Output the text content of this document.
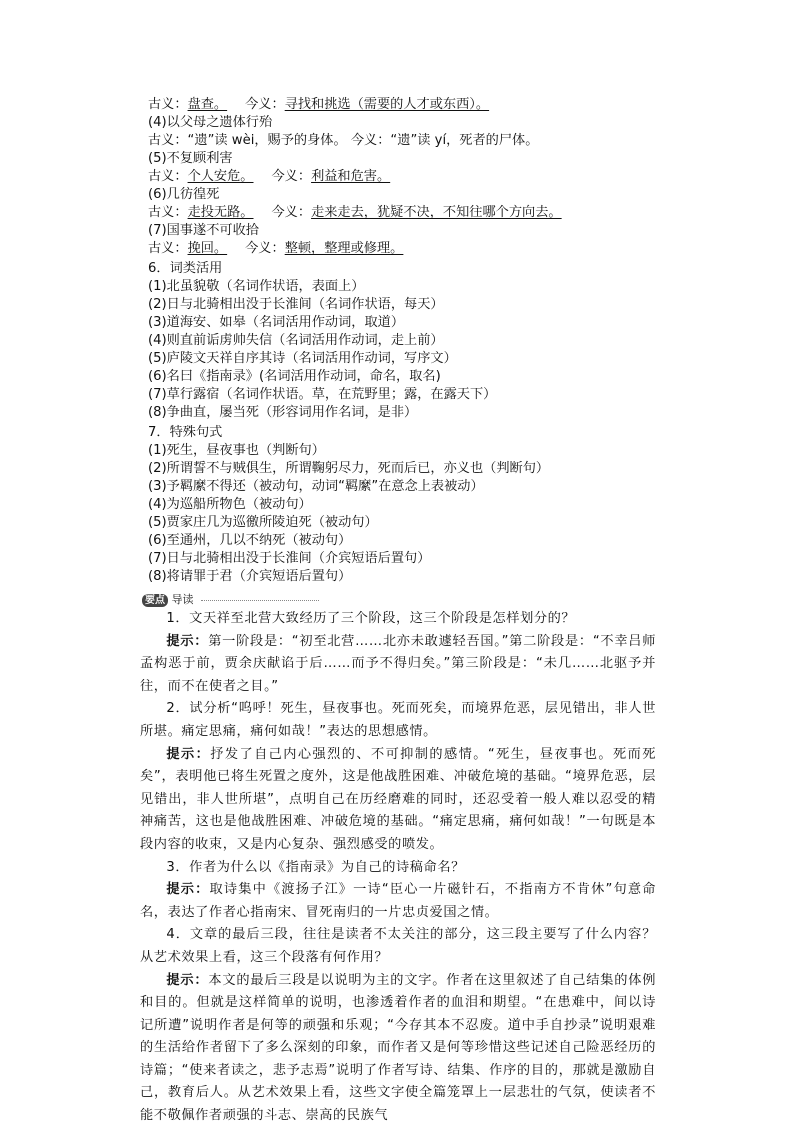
古义：盘查。 今义：寻找和挑选（需要的人才或东西）。
(4)以父母之遗体行殆
古义：“遗”读 wèi，赐予的身体。 今义：“遗”读 yí，死者的尸体。
(5)不复顾利害
古义：个人安危。 今义：利益和危害。
(6)几彷徨死
古义：走投无路。 今义：走来走去，犹疑不决，不知往哪个方向去。
(7)国事遂不可收拾
古义：挽回。 今义：整顿，整理或修理。
6．词类活用
(1)北虽貌敬（名词作状语，表面上）
(2)日与北骑相出没于长淮间（名词作状语，每天）
(3)道海安、如皋（名词活用作动词，取道）
(4)则直前诟虏帅失信（名词活用作动词，走上前）
(5)庐陵文天祥自序其诗（名词活用作动词，写序文）
(6)名曰《指南录》(名词活用作动词，命名，取名)
(7)草行露宿（名词作状语。草，在荒野里；露，在露天下）
(8)争曲直，屡当死（形容词用作名词，是非）
7．特殊句式
(1)死生，昼夜事也（判断句）
(2)所谓誓不与贼俱生，所谓鞠躬尽力，死而后已，亦义也（判断句）
(3)予羁縻不得还（被动句，动词“羁縻”在意念上表被动）
(4)为巡船所物色（被动句）
(5)贾家庄几为巡徼所陵迫死（被动句）
(6)至通州，几以不纳死（被动句）
(7)日与北骑相出没于长淮间（介宾短语后置句）
(8)将请罪于君（介宾短语后置句）
要点 导读
1．文天祥至北营大致经历了三个阶段，这三个阶段是怎样划分的？
提示：第一阶段是：“初至北营……北亦未敢遽轻吾国。”第二阶段是：“不幸吕师孟构恶于前，贾余庆献谄于后……而予不得归矣。”第三阶段是：“未几……北驱予并往，而不在使者之目。”
2．试分析“呜呼！死生，昼夜事也。死而死矣，而境界危恶，层见错出，非人世所堪。痛定思痛，痛何如哉！”表达的思想感情。
提示：抒发了自己内心强烈的、不可抑制的感情。“死生，昼夜事也。死而死矣”，表明他已将生死置之度外，这是他战胜困难、冲破危境的基础。“境界危恶，层见错出，非人世所堪”，点明自己在历经磨难的同时，还忍受着一般人难以忍受的精神痛苦，这也是他战胜困难、冲破危境的基础。“痛定思痛，痛何如哉！”一句既是本段内容的收束，又是内心复杂、强烈感受的喷发。
3．作者为什么以《指南录》为自己的诗稿命名？
提示：取诗集中《渡扬子江》一诗“臣心一片磁针石，不指南方不肯休”句意命名，表达了作者心指南宋、冒死南归的一片忠贞爱国之情。
4．文章的最后三段，往往是读者不太关注的部分，这三段主要写了什么内容？从艺术效果上看，这三个段落有何作用？
提示：本文的最后三段是以说明为主的文字。作者在这里叙述了自己结集的体例和目的。但就是这样简单的说明，也渗透着作者的血泪和期望。“在患难中，间以诗记所遭”说明作者是何等的顽强和乐观；“今存其本不忍废。道中手自抄录”说明艰难的生活给作者留下了多么深刻的印象，而作者又是何等珍惜这些记述自己险恶经历的诗篇；“使来者读之，悲予志焉”说明了作者写诗、结集、作序的目的，那就是激励自己，教育后人。从艺术效果上看，这些文字使全篇笼罩上一层悲壮的气氛，使读者不能不敬佩作者顽强的斗志、崇高的民族气
